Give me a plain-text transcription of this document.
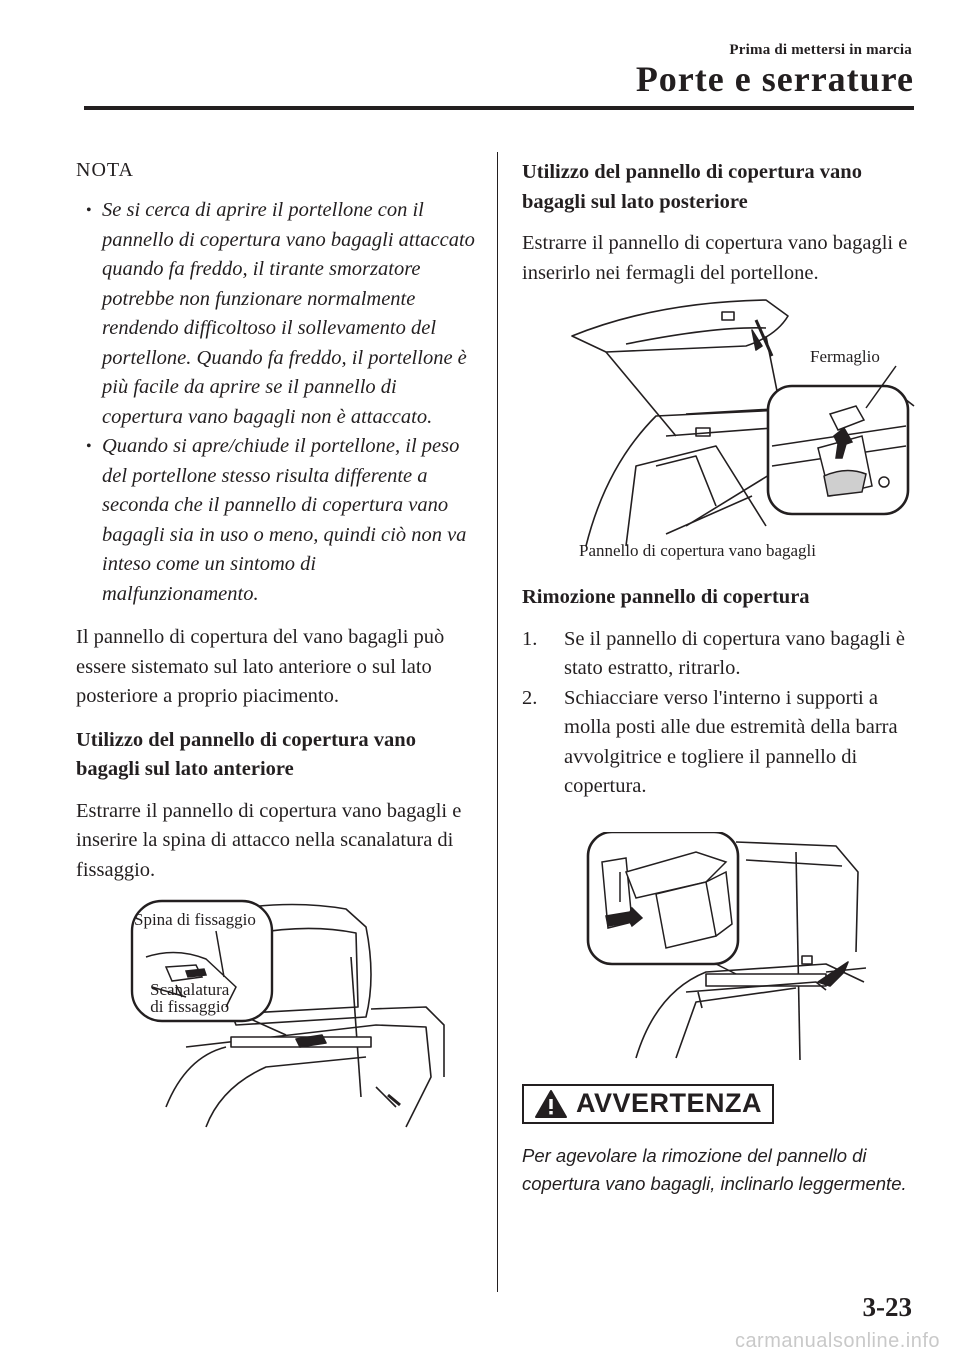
Prima di mettersi in marcia
Porte e serrature
NOTA
• Se si cerca di aprire il portellone con il pannello di copertura vano bagagli attaccato quando fa freddo, il tirante smorzatore potrebbe non funzionare normalmente rendendo difficoltoso il sollevamento del portellone. Quando fa freddo, il portellone è più facile da aprire se il pannello di copertura vano bagagli non è attaccato.
• Quando si apre/chiude il portellone, il peso del portellone stesso risulta differente a seconda che il pannello di copertura vano bagagli sia in uso o meno, quindi ciò non va inteso come un sintomo di malfunzionamento.

Il pannello di copertura del vano bagagli può essere sistemato sul lato anteriore o sul lato posteriore a proprio piacimento.

Utilizzo del pannello di copertura vano bagagli sul lato anteriore

Estrarre il pannello di copertura vano bagagli e inserire la spina di attacco nella scanalatura di fissaggio.

Spina di fissaggio
Scanalatura
di fissaggio

Utilizzo del pannello di copertura vano bagagli sul lato posteriore

Estrarre il pannello di copertura vano bagagli e inserirlo nei fermagli del portellone.

Fermaglio
Pannello di copertura vano bagagli

Rimozione pannello di copertura

1. Se il pannello di copertura vano bagagli è stato estratto, ritrarlo.
2. Schiacciare verso l'interno i supporti a molla posti alle due estremità della barra avvolgitrice e togliere il pannello di copertura.
AVVERTENZA
Per agevolare la rimozione del pannello di copertura vano bagagli, inclinarlo leggermente.
3-23
carmanualsonline.info
